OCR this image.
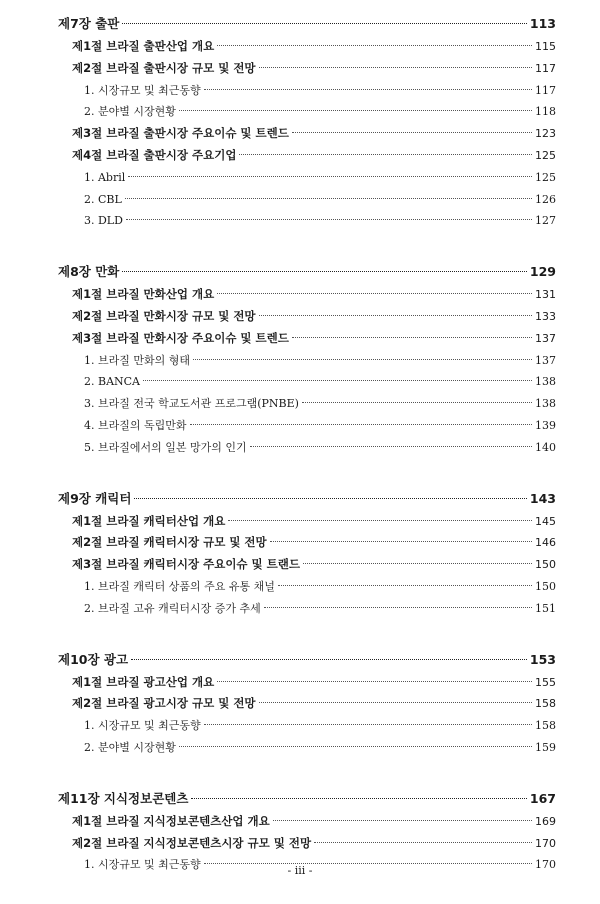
제7장 출판	113
제1절 브라질 출판산업 개요	115
제2절 브라질 출판시장 규모 및 전망	117
1. 시장규모 및 최근동향	117
2. 분야별 시장현황	118
제3절 브라질 출판시장 주요이슈 및 트렌드	123
제4절 브라질 출판시장 주요기업	125
1. Abril	125
2. CBL	126
3. DLD	127
제8장 만화	129
제1절 브라질 만화산업 개요	131
제2절 브라질 만화시장 규모 및 전망	133
제3절 브라질 만화시장 주요이슈 및 트렌드	137
1. 브라질 만화의 형태	137
2. BANCA	138
3. 브라질 전국 학교도서관 프로그램(PNBE)	138
4. 브라질의 독립만화	139
5. 브라질에서의 일본 망가의 인기	140
제9장 캐릭터	143
제1절 브라질 캐릭터산업 개요	145
제2절 브라질 캐릭터시장 규모 및 전망	146
제3절 브라질 캐릭터시장 주요이슈 및 트랜드	150
1. 브라질 캐릭터 상품의 주요 유통 채널	150
2. 브라질 고유 캐릭터시장 증가 추세	151
제10장 광고	153
제1절 브라질 광고산업 개요	155
제2절 브라질 광고시장 규모 및 전망	158
1. 시장규모 및 최근동향	158
2. 분야별 시장현황	159
제11장 지식정보콘텐츠	167
제1절 브라질 지식정보콘텐츠산업 개요	169
제2절 브라질 지식정보콘텐츠시장 규모 및 전망	170
1. 시장규모 및 최근동향	170
- iii -
